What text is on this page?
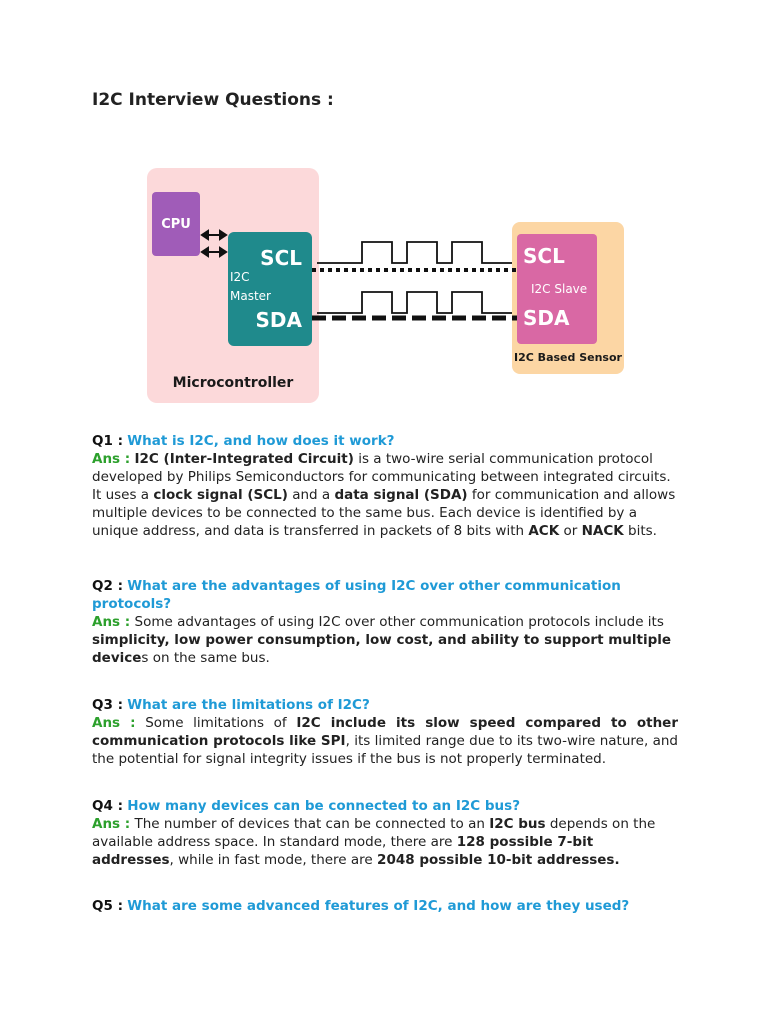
I2C Interview Questions :
CPU
SCL
I2C
Master
SDA
Microcontroller
SCL
I2C Slave
SDA
I2C Based Sensor
Q1 : What is I2C, and how does it work?
Ans : I2C (Inter-Integrated Circuit) is a two-wire serial communication protocol developed by Philips Semiconductors for communicating between integrated circuits. It uses a clock signal (SCL) and a data signal (SDA) for communication and allows multiple devices to be connected to the same bus. Each device is identified by a unique address, and data is transferred in packets of 8 bits with ACK or NACK bits.
Q2 : What are the advantages of using I2C over other communication protocols?
Ans : Some advantages of using I2C over other communication protocols include its simplicity, low power consumption, low cost, and ability to support multiple devices on the same bus.
Q3 : What are the limitations of I2C?
Ans : Some limitations of I2C include its slow speed compared to other communication protocols like SPI, its limited range due to its two-wire nature, and the potential for signal integrity issues if the bus is not properly terminated.
Q4 : How many devices can be connected to an I2C bus?
Ans : The number of devices that can be connected to an I2C bus depends on the available address space. In standard mode, there are 128 possible 7-bit addresses, while in fast mode, there are 2048 possible 10-bit addresses.
Q5 : What are some advanced features of I2C, and how are they used?
